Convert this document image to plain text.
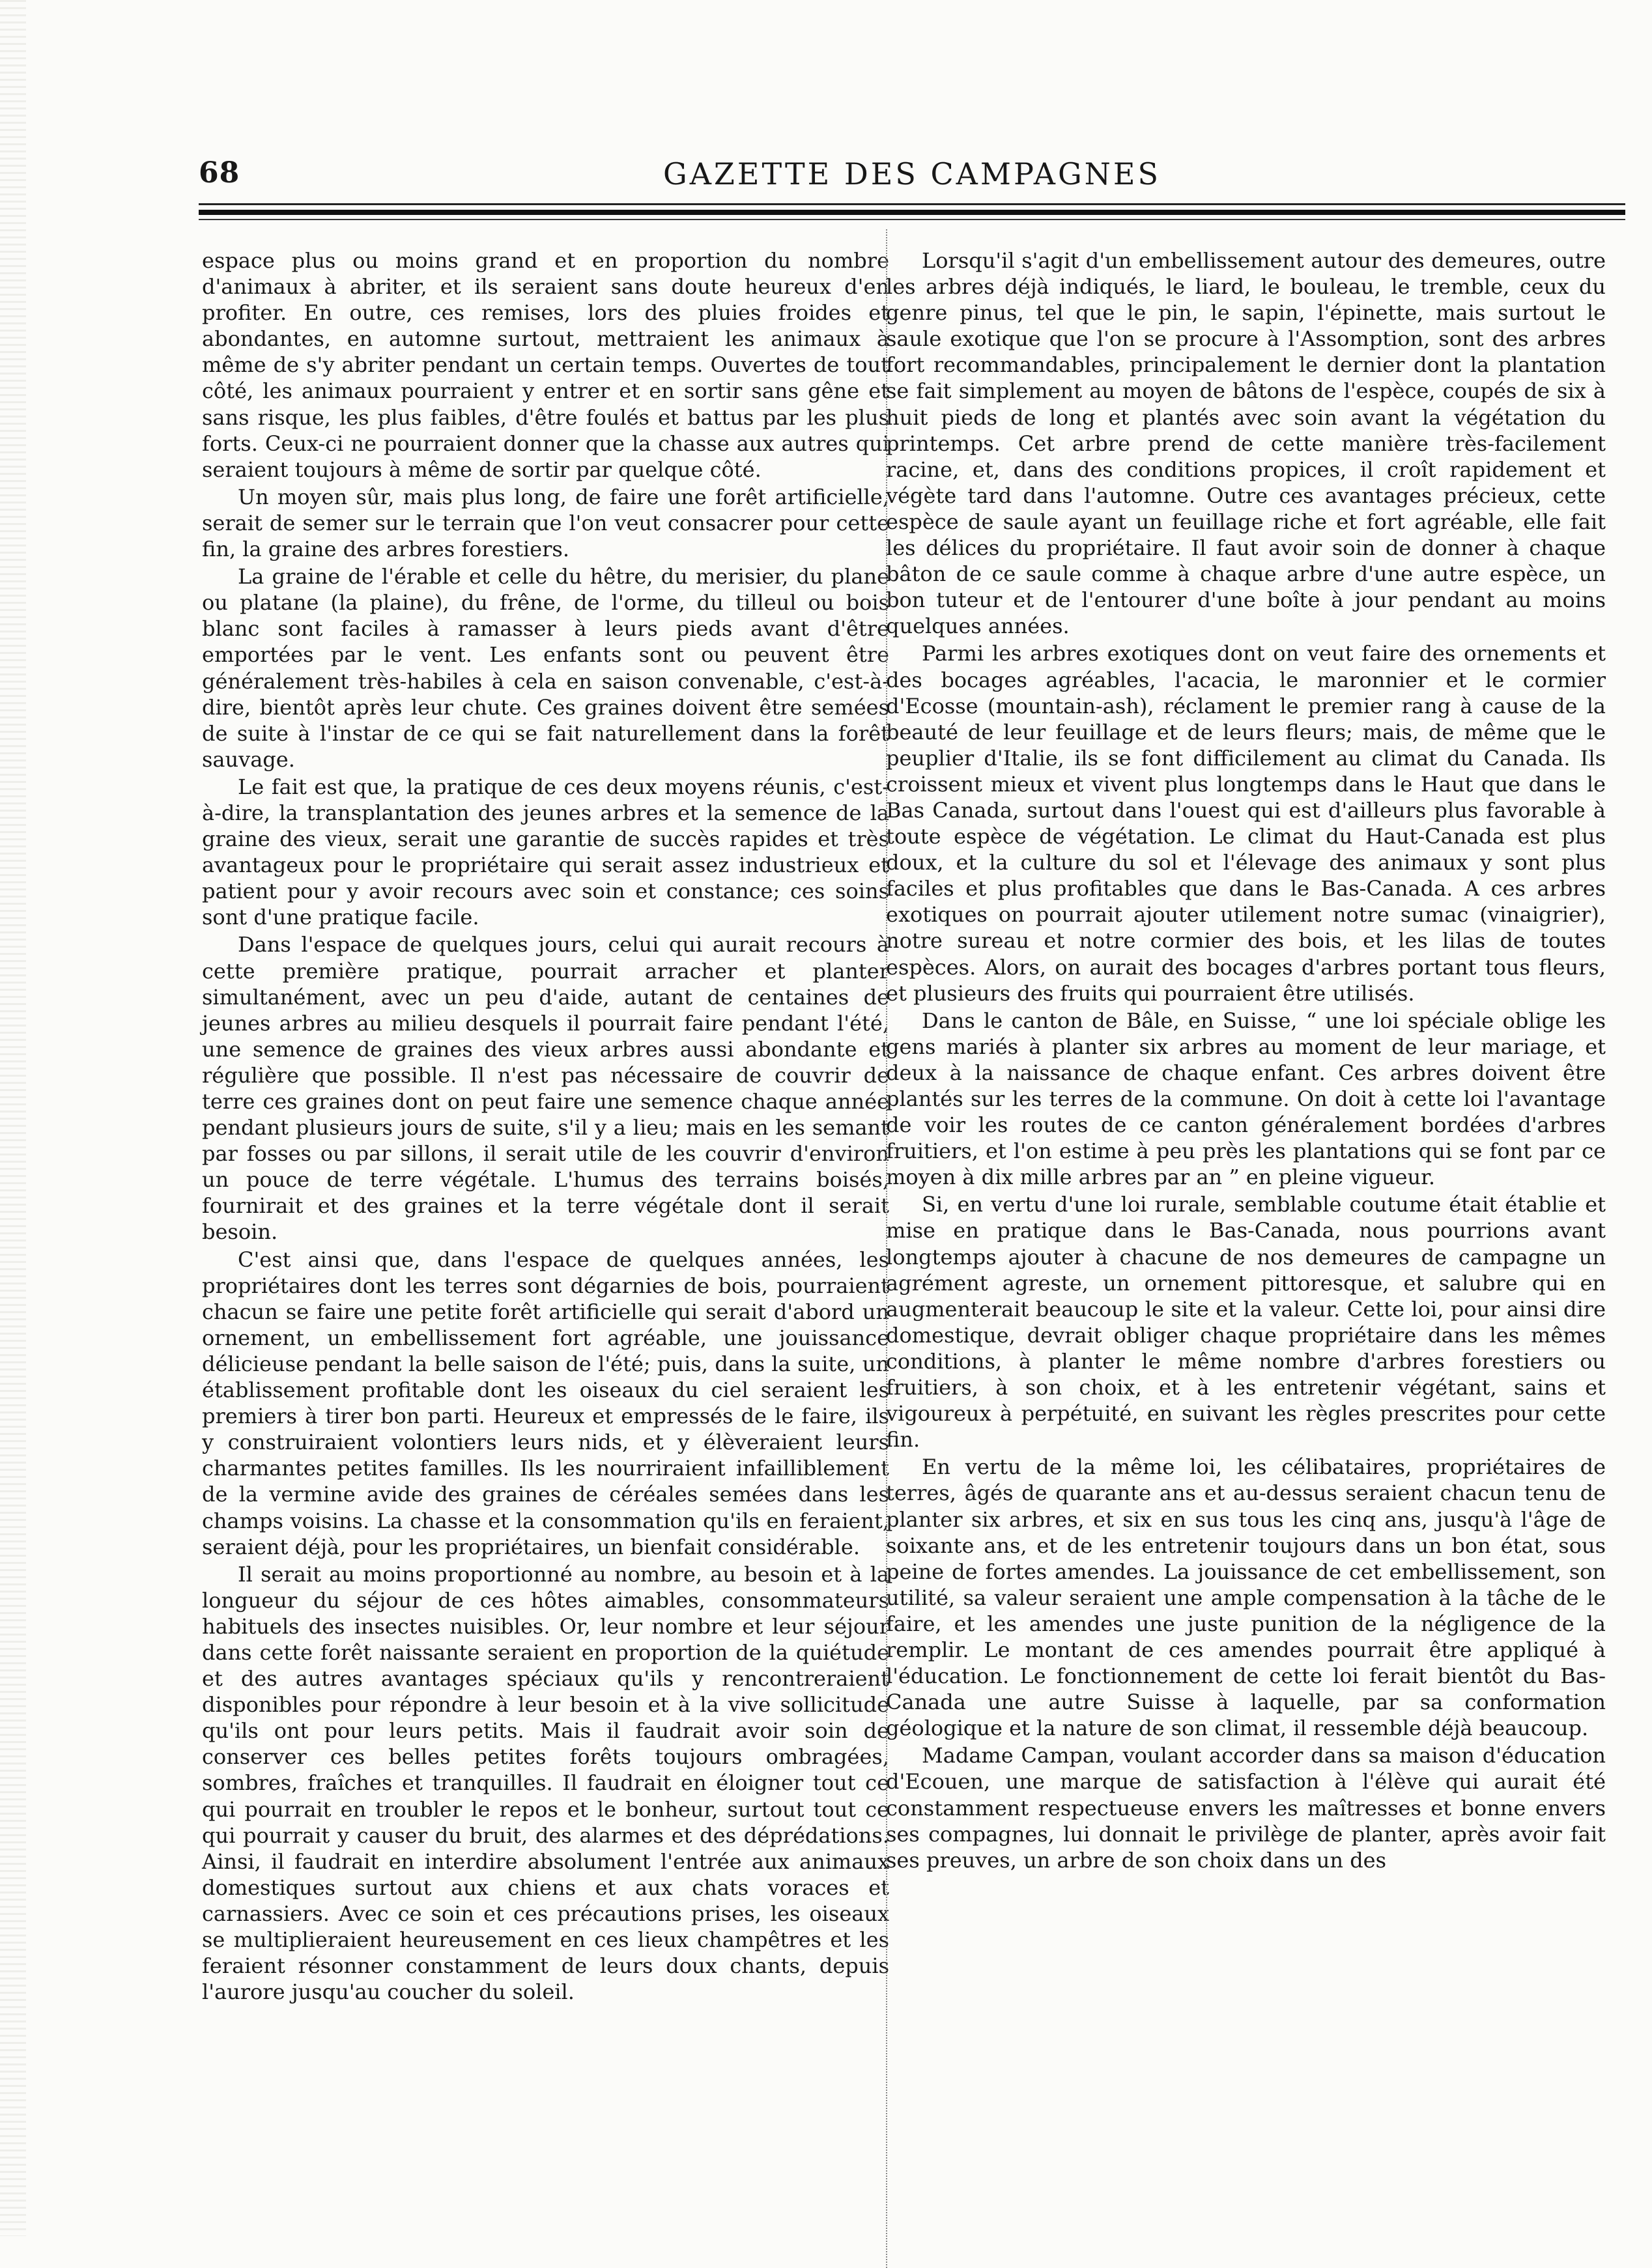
68	GAZETTE DES CAMPAGNES

espace plus ou moins grand et en proportion du nombre d'animaux à abriter, et ils seraient sans doute heureux d'en profiter. En outre, ces remises, lors des pluies froides et abondantes, en automne surtout, mettraient les animaux à même de s'y abriter pendant un certain temps. Ouvertes de tout côté, les animaux pourraient y entrer et en sortir sans gêne et sans risque, les plus faibles, d'être foulés et battus par les plus forts. Ceux-ci ne pourraient donner que la chasse aux autres qui seraient toujours à même de sortir par quelque côté.

Un moyen sûr, mais plus long, de faire une forêt artificielle, serait de semer sur le terrain que l'on veut consacrer pour cette fin, la graine des arbres forestiers.

La graine de l'érable et celle du hêtre, du merisier, du plane ou platane (la plaine), du frêne, de l'orme, du tilleul ou bois blanc sont faciles à ramasser à leurs pieds avant d'être emportées par le vent. Les enfants sont ou peuvent être généralement très-habiles à cela en saison convenable, c'est-à-dire, bientôt après leur chute. Ces graines doivent être semées de suite à l'instar de ce qui se fait naturellement dans la forêt sauvage.

Le fait est que, la pratique de ces deux moyens réunis, c'est-à-dire, la transplantation des jeunes arbres et la semence de la graine des vieux, serait une garantie de succès rapides et très avantageux pour le propriétaire qui serait assez industrieux et patient pour y avoir recours avec soin et constance; ces soins sont d'une pratique facile.

Dans l'espace de quelques jours, celui qui aurait recours à cette première pratique, pourrait arracher et planter simultanément, avec un peu d'aide, autant de centaines de jeunes arbres au milieu desquels il pourrait faire pendant l'été, une semence de graines des vieux arbres aussi abondante et régulière que possible. Il n'est pas nécessaire de couvrir de terre ces graines dont on peut faire une semence chaque année pendant plusieurs jours de suite, s'il y a lieu; mais en les semant par fosses ou par sillons, il serait utile de les couvrir d'environ un pouce de terre végétale. L'humus des terrains boisés, fournirait et des graines et la terre végétale dont il serait besoin.

C'est ainsi que, dans l'espace de quelques années, les propriétaires dont les terres sont dégarnies de bois, pourraient chacun se faire une petite forêt artificielle qui serait d'abord un ornement, un embellissement fort agréable, une jouissance délicieuse pendant la belle saison de l'été; puis, dans la suite, un établissement profitable dont les oiseaux du ciel seraient les premiers à tirer bon parti. Heureux et empressés de le faire, ils y construiraient volontiers leurs nids, et y élèveraient leurs charmantes petites familles. Ils les nourriraient infailliblement de la vermine avide des graines de céréales semées dans les champs voisins. La chasse et la consommation qu'ils en feraient, seraient déjà, pour les propriétaires, un bienfait considérable.

Il serait au moins proportionné au nombre, au besoin et à la longueur du séjour de ces hôtes aimables, consommateurs habituels des insectes nuisibles. Or, leur nombre et leur séjour dans cette forêt naissante seraient en proportion de la quiétude et des autres avantages spéciaux qu'ils y rencontreraient disponibles pour répondre à leur besoin et à la vive sollicitude qu'ils ont pour leurs petits. Mais il faudrait avoir soin de conserver ces belles petites forêts toujours ombragées, sombres, fraîches et tranquilles. Il faudrait en éloigner tout ce qui pourrait en troubler le repos et le bonheur, surtout tout ce qui pourrait y causer du bruit, des alarmes et des déprédations. Ainsi, il faudrait en interdire absolument l'entrée aux animaux domestiques surtout aux chiens et aux chats voraces et carnassiers. Avec ce soin et ces précautions prises, les oiseaux se multiplieraient heureusement en ces lieux champêtres et les feraient résonner constamment de leurs doux chants, depuis l'aurore jusqu'au coucher du soleil.

Lorsqu'il s'agit d'un embellissement autour des demeures, outre les arbres déjà indiqués, le liard, le bouleau, le tremble, ceux du genre pinus, tel que le pin, le sapin, l'épinette, mais surtout le saule exotique que l'on se procure à l'Assomption, sont des arbres fort recommandables, principalement le dernier dont la plantation se fait simplement au moyen de bâtons de l'espèce, coupés de six à huit pieds de long et plantés avec soin avant la végétation du printemps. Cet arbre prend de cette manière très-facilement racine, et, dans des conditions propices, il croît rapidement et végète tard dans l'automne. Outre ces avantages précieux, cette espèce de saule ayant un feuillage riche et fort agréable, elle fait les délices du propriétaire. Il faut avoir soin de donner à chaque bâton de ce saule comme à chaque arbre d'une autre espèce, un bon tuteur et de l'entourer d'une boîte à jour pendant au moins quelques années.

Parmi les arbres exotiques dont on veut faire des ornements et des bocages agréables, l'acacia, le maronnier et le cormier d'Ecosse (mountain-ash), réclament le premier rang à cause de la beauté de leur feuillage et de leurs fleurs; mais, de même que le peuplier d'Italie, ils se font difficilement au climat du Canada. Ils croissent mieux et vivent plus longtemps dans le Haut que dans le Bas Canada, surtout dans l'ouest qui est d'ailleurs plus favorable à toute espèce de végétation. Le climat du Haut-Canada est plus doux, et la culture du sol et l'élevage des animaux y sont plus faciles et plus profitables que dans le Bas-Canada. A ces arbres exotiques on pourrait ajouter utilement notre sumac (vinaigrier), notre sureau et notre cormier des bois, et les lilas de toutes espèces. Alors, on aurait des bocages d'arbres portant tous fleurs, et plusieurs des fruits qui pourraient être utilisés.

Dans le canton de Bâle, en Suisse, “ une loi spéciale oblige les gens mariés à planter six arbres au moment de leur mariage, et deux à la naissance de chaque enfant. Ces arbres doivent être plantés sur les terres de la commune. On doit à cette loi l'avantage de voir les routes de ce canton généralement bordées d'arbres fruitiers, et l'on estime à peu près les plantations qui se font par ce moyen à dix mille arbres par an ” en pleine vigueur.

Si, en vertu d'une loi rurale, semblable coutume était établie et mise en pratique dans le Bas-Canada, nous pourrions avant longtemps ajouter à chacune de nos demeures de campagne un agrément agreste, un ornement pittoresque, et salubre qui en augmenterait beaucoup le site et la valeur. Cette loi, pour ainsi dire domestique, devrait obliger chaque propriétaire dans les mêmes conditions, à planter le même nombre d'arbres forestiers ou fruitiers, à son choix, et à les entretenir végétant, sains et vigoureux à perpétuité, en suivant les règles prescrites pour cette fin.

En vertu de la même loi, les célibataires, propriétaires de terres, âgés de quarante ans et au-dessus seraient chacun tenu de planter six arbres, et six en sus tous les cinq ans, jusqu'à l'âge de soixante ans, et de les entretenir toujours dans un bon état, sous peine de fortes amendes. La jouissance de cet embellissement, son utilité, sa valeur seraient une ample compensation à la tâche de le faire, et les amendes une juste punition de la négligence de la remplir. Le montant de ces amendes pourrait être appliqué à l'éducation. Le fonctionnement de cette loi ferait bientôt du Bas-Canada une autre Suisse à laquelle, par sa conformation géologique et la nature de son climat, il ressemble déjà beaucoup.

Madame Campan, voulant accorder dans sa maison d'éducation d'Ecouen, une marque de satisfaction à l'élève qui aurait été constamment respectueuse envers les maîtresses et bonne envers ses compagnes, lui donnait le privilège de planter, après avoir fait ses preuves, un arbre de son choix dans un des
